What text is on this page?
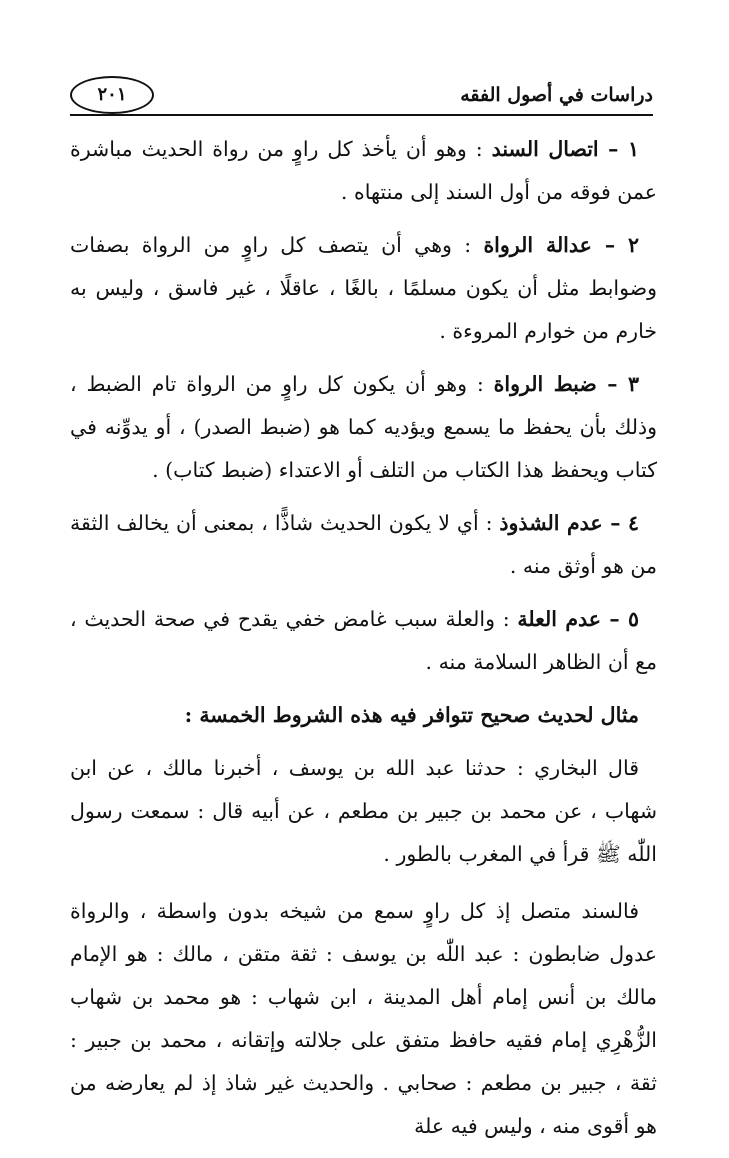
دراسات في أصول الفقه
٢٠١

١ – اتصال السند : وهو أن يأخذ كل راوٍ من رواة الحديث مباشرة عمن فوقه من أول السند إلى منتهاه .

٢ – عدالة الرواة : وهي أن يتصف كل راوٍ من الرواة بصفات وضوابط مثل أن يكون مسلمًا ، بالغًا ، عاقلًا ، غير فاسق ، وليس به خارم من خوارم المروءة .

٣ – ضبط الرواة : وهو أن يكون كل راوٍ من الرواة تام الضبط ، وذلك بأن يحفظ ما يسمع ويؤديه كما هو (ضبط الصدر) ، أو يدوِّنه في كتاب ويحفظ هذا الكتاب من التلف أو الاعتداء (ضبط كتاب) .

٤ – عدم الشذوذ : أي لا يكون الحديث شاذًّا ، بمعنى أن يخالف الثقة من هو أوثق منه .

٥ – عدم العلة : والعلة سبب غامض خفي يقدح في صحة الحديث ، مع أن الظاهر السلامة منه .

مثال لحديث صحيح تتوافر فيه هذه الشروط الخمسة :

قال البخاري : حدثنا عبد الله بن يوسف ، أخبرنا مالك ، عن ابن شهاب ، عن محمد بن جبير بن مطعم ، عن أبيه قال : سمعت رسول اللّٰه ﷺ قرأ في المغرب بالطور .

فالسند متصل إذ كل راوٍ سمع من شيخه بدون واسطة ، والرواة عدول ضابطون : عبد اللّٰه بن يوسف : ثقة متقن ، مالك : هو الإمام مالك بن أنس إمام أهل المدينة ، ابن شهاب : هو محمد بن شهاب الزُّهْرِي إمام فقيه حافظ متفق على جلالته وإتقانه ، محمد بن جبير : ثقة ، جبير بن مطعم : صحابي . والحديث غير شاذ إذ لم يعارضه من هو أقوى منه ، وليس فيه علة
